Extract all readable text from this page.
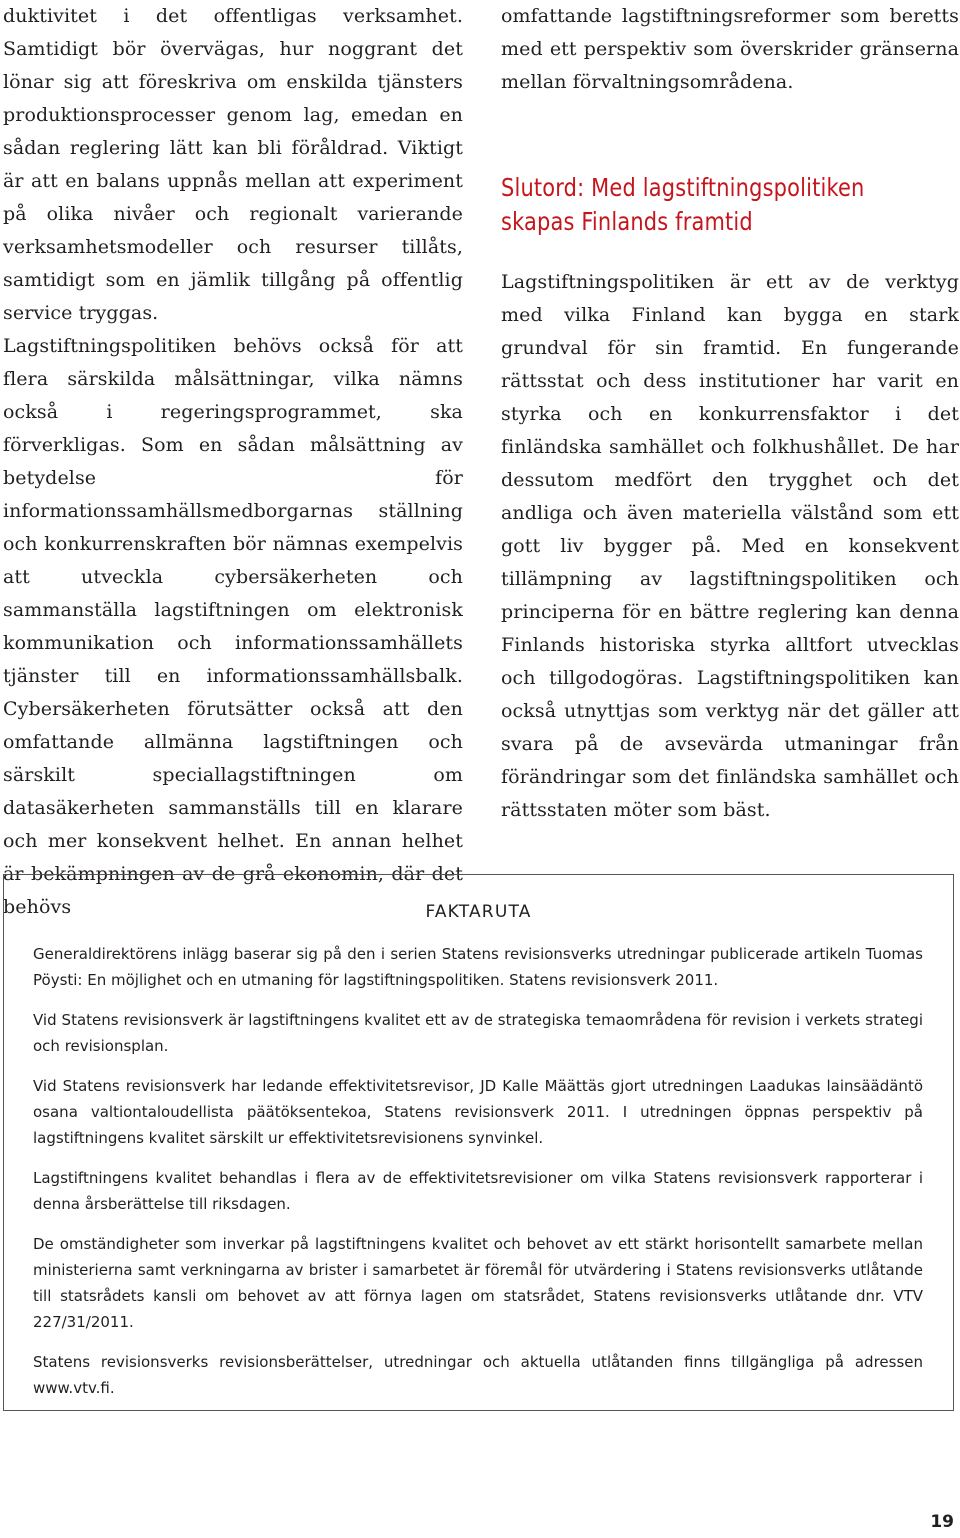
duktivitet i det offentligas verksamhet. Samtidigt bör övervägas, hur noggrant det lönar sig att föreskriva om enskilda tjänsters produktionsprocesser genom lag, emedan en sådan reglering lätt kan bli föråldrad. Viktigt är att en balans uppnås mellan att experiment på olika nivåer och regionalt varierande verksamhetsmodeller och resurser tillåts, samtidigt som en jämlik tillgång på offentlig service tryggas.

Lagstiftningspolitiken behövs också för att flera särskilda målsättningar, vilka nämns också i regeringsprogrammet, ska förverkligas. Som en sådan målsättning av betydelse för informationssamhällsmedborgarnas ställning och konkurrenskraften bör nämnas exempelvis att utveckla cybersäkerheten och sammanställa lagstiftningen om elektronisk kommunikation och informationssamhällets tjänster till en informationssamhällsbalk. Cybersäkerheten förutsätter också att den omfattande allmänna lagstiftningen och särskilt speciallagstiftningen om datasäkerheten sammanställs till en klarare och mer konsekvent helhet. En annan helhet är bekämpningen av de grå ekonomin, där det behövs

omfattande lagstiftningsreformer som beretts med ett perspektiv som överskrider gränserna mellan förvaltningsområdena.

Slutord: Med lagstiftningspolitiken skapas Finlands framtid

Lagstiftningspolitiken är ett av de verktyg med vilka Finland kan bygga en stark grundval för sin framtid. En fungerande rättsstat och dess institutioner har varit en styrka och en konkurrensfaktor i det finländska samhället och folkhushållet. De har dessutom medfört den trygghet och det andliga och även materiella välstånd som ett gott liv bygger på. Med en konsekvent tillämpning av lagstiftningspolitiken och principerna för en bättre reglering kan denna Finlands historiska styrka alltfort utvecklas och tillgodogöras. Lagstiftningspolitiken kan också utnyttjas som verktyg när det gäller att svara på de avsevärda utmaningar från förändringar som det finländska samhället och rättsstaten möter som bäst.

FAKTARUTA

Generaldirektörens inlägg baserar sig på den i serien Statens revisionsverks utredningar publicerade artikeln Tuomas Pöysti: En möjlighet och en utmaning för lagstiftningspolitiken. Statens revisionsverk 2011.

Vid Statens revisionsverk är lagstiftningens kvalitet ett av de strategiska temaområdena för revision i verkets strategi och revisionsplan.

Vid Statens revisionsverk har ledande effektivitetsrevisor, JD Kalle Määttäs gjort utredningen Laadukas lainsäädäntö osana valtiontaloudellista päätöksentekoa, Statens revisionsverk 2011. I utredningen öppnas perspektiv på lagstiftningens kvalitet särskilt ur effektivitetsrevisionens synvinkel.

Lagstiftningens kvalitet behandlas i flera av de effektivitetsrevisioner om vilka Statens revisionsverk rapporterar i denna årsberättelse till riksdagen.

De omständigheter som inverkar på lagstiftningens kvalitet och behovet av ett stärkt horisontellt samarbete mellan ministerierna samt verkningarna av brister i samarbetet är föremål för utvärdering i Statens revisionsverks utlåtande till statsrådets kansli om behovet av att förnya lagen om statsrådet, Statens revisionsverks utlåtande dnr. VTV 227/31/2011.

Statens revisionsverks revisionsberättelser, utredningar och aktuella utlåtanden finns tillgängliga på adressen www.vtv.fi.

19
